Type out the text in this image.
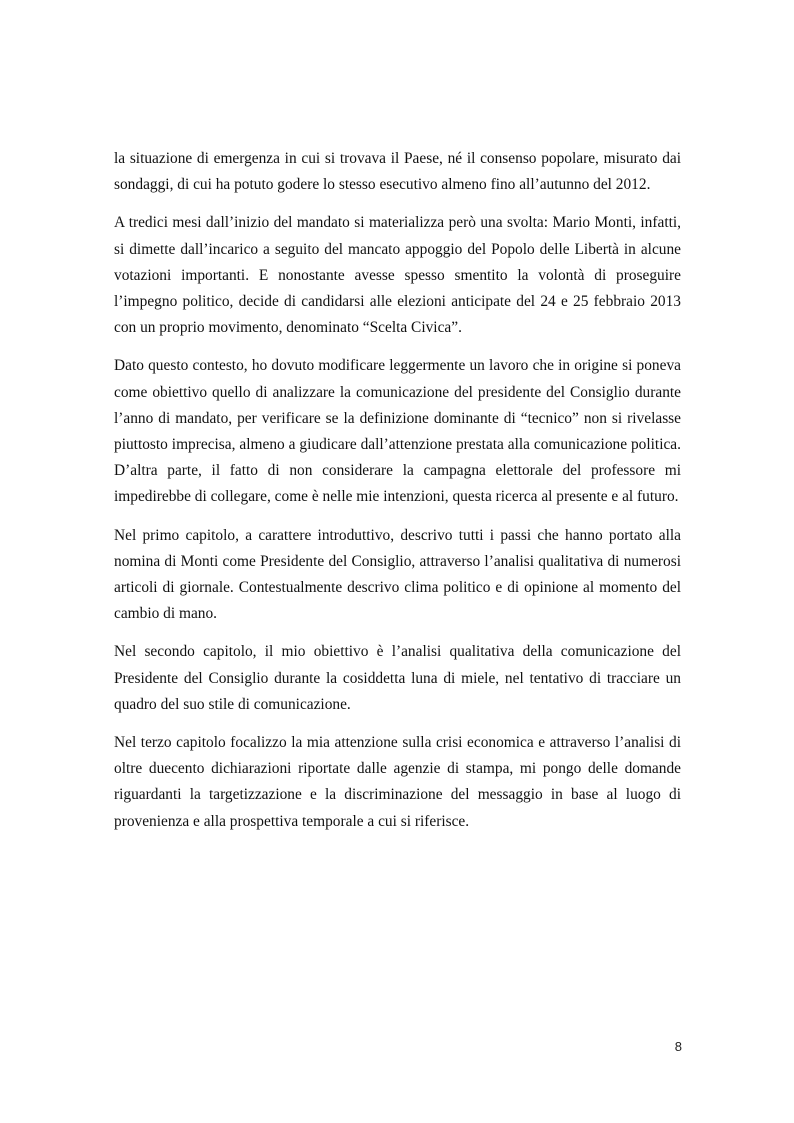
la situazione di emergenza in cui si trovava il Paese, né il consenso popolare, misurato dai sondaggi, di cui ha potuto godere lo stesso esecutivo almeno fino all’autunno del 2012.

A tredici mesi dall’inizio del mandato si materializza però una svolta: Mario Monti, infatti, si dimette dall’incarico a seguito del mancato appoggio del Popolo delle Libertà in alcune votazioni importanti. E nonostante avesse spesso smentito la volontà di proseguire l’impegno politico, decide di candidarsi alle elezioni anticipate del 24 e 25 febbraio 2013 con un proprio movimento, denominato “Scelta Civica”.

Dato questo contesto, ho dovuto modificare leggermente un lavoro che in origine si poneva come obiettivo quello di analizzare la comunicazione del presidente del Consiglio durante l’anno di mandato, per verificare se la definizione dominante di “tecnico” non si rivelasse piuttosto imprecisa, almeno a giudicare dall’attenzione prestata alla comunicazione politica. D’altra parte, il fatto di non considerare la campagna elettorale del professore mi impedirebbe di collegare, come è nelle mie intenzioni, questa ricerca al presente e al futuro.

Nel primo capitolo, a carattere introduttivo, descrivo tutti i passi che hanno portato alla nomina di Monti come Presidente del Consiglio, attraverso l’analisi qualitativa di numerosi articoli di giornale. Contestualmente descrivo clima politico e di opinione al momento del cambio di mano.

Nel secondo capitolo, il mio obiettivo è l’analisi qualitativa della comunicazione del Presidente del Consiglio durante la cosiddetta luna di miele, nel tentativo di tracciare un quadro del suo stile di comunicazione.

Nel terzo capitolo focalizzo la mia attenzione sulla crisi economica e attraverso l’analisi di oltre duecento dichiarazioni riportate dalle agenzie di stampa, mi pongo delle domande riguardanti la targetizzazione e la discriminazione del messaggio in base al luogo di provenienza e alla prospettiva temporale a cui si riferisce.

8
